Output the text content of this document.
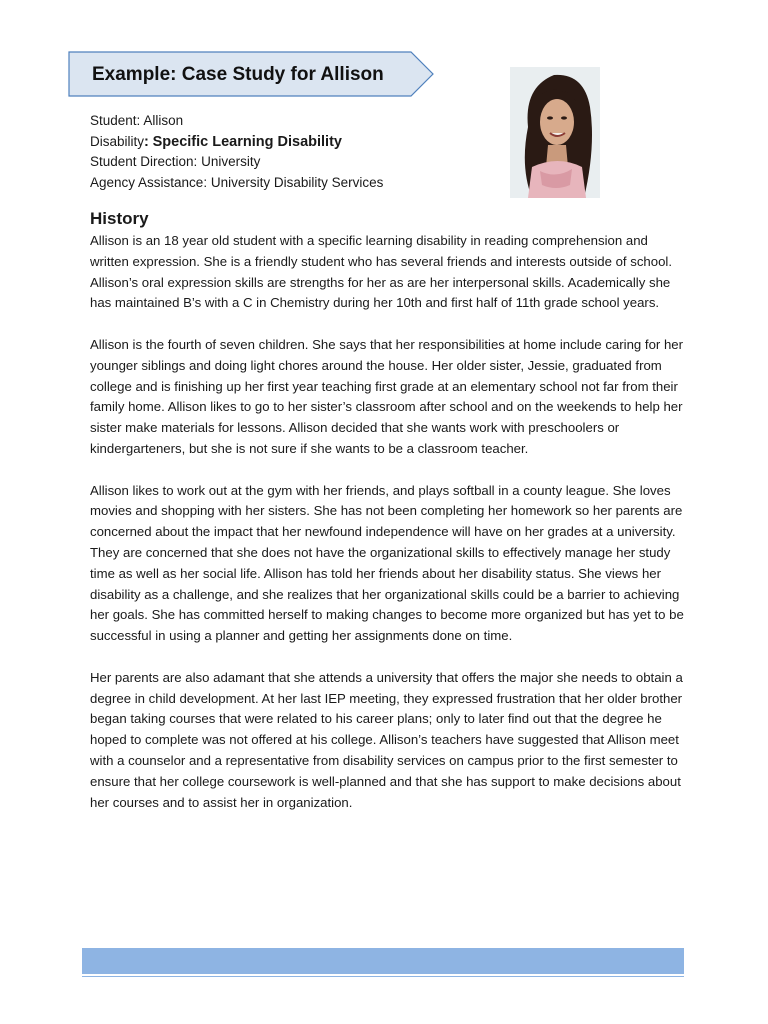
Example: Case Study for Allison
Student: Allison
Disability: Specific Learning Disability
Student Direction: University
Agency Assistance: University Disability Services
History

Allison is an 18 year old student with a specific learning disability in reading comprehension and written expression. She is a friendly student who has several friends and interests outside of school. Allison’s oral expression skills are strengths for her as are her interpersonal skills. Academically she has maintained B’s with a C in Chemistry during her 10th and first half of 11th grade school years.

Allison is the fourth of seven children. She says that her responsibilities at home include caring for her younger siblings and doing light chores around the house. Her older sister, Jessie, graduated from college and is finishing up her first year teaching first grade at an elementary school not far from their family home. Allison likes to go to her sister’s classroom after school and on the weekends to help her sister make materials for lessons. Allison decided that she wants work with preschoolers or kindergarteners, but she is not sure if she wants to be a classroom teacher.

Allison likes to work out at the gym with her friends, and plays softball in a county league. She loves movies and shopping with her sisters. She has not been completing her homework so her parents are concerned about the impact that her newfound independence will have on her grades at a university. They are concerned that she does not have the organizational skills to effectively manage her study time as well as her social life. Allison has told her friends about her disability status. She views her disability as a challenge, and she realizes that her organizational skills could be a barrier to achieving her goals. She has committed herself to making changes to become more organized but has yet to be successful in using a planner and getting her assignments done on time.

Her parents are also adamant that she attends a university that offers the major she needs to obtain a degree in child development. At her last IEP meeting, they expressed frustration that her older brother began taking courses that were related to his career plans; only to later find out that the degree he hoped to complete was not offered at his college. Allison’s teachers have suggested that Allison meet with a counselor and a representative from disability services on campus prior to the first semester to ensure that her college coursework is well-planned and that she has support to make decisions about her courses and to assist her in organization.
